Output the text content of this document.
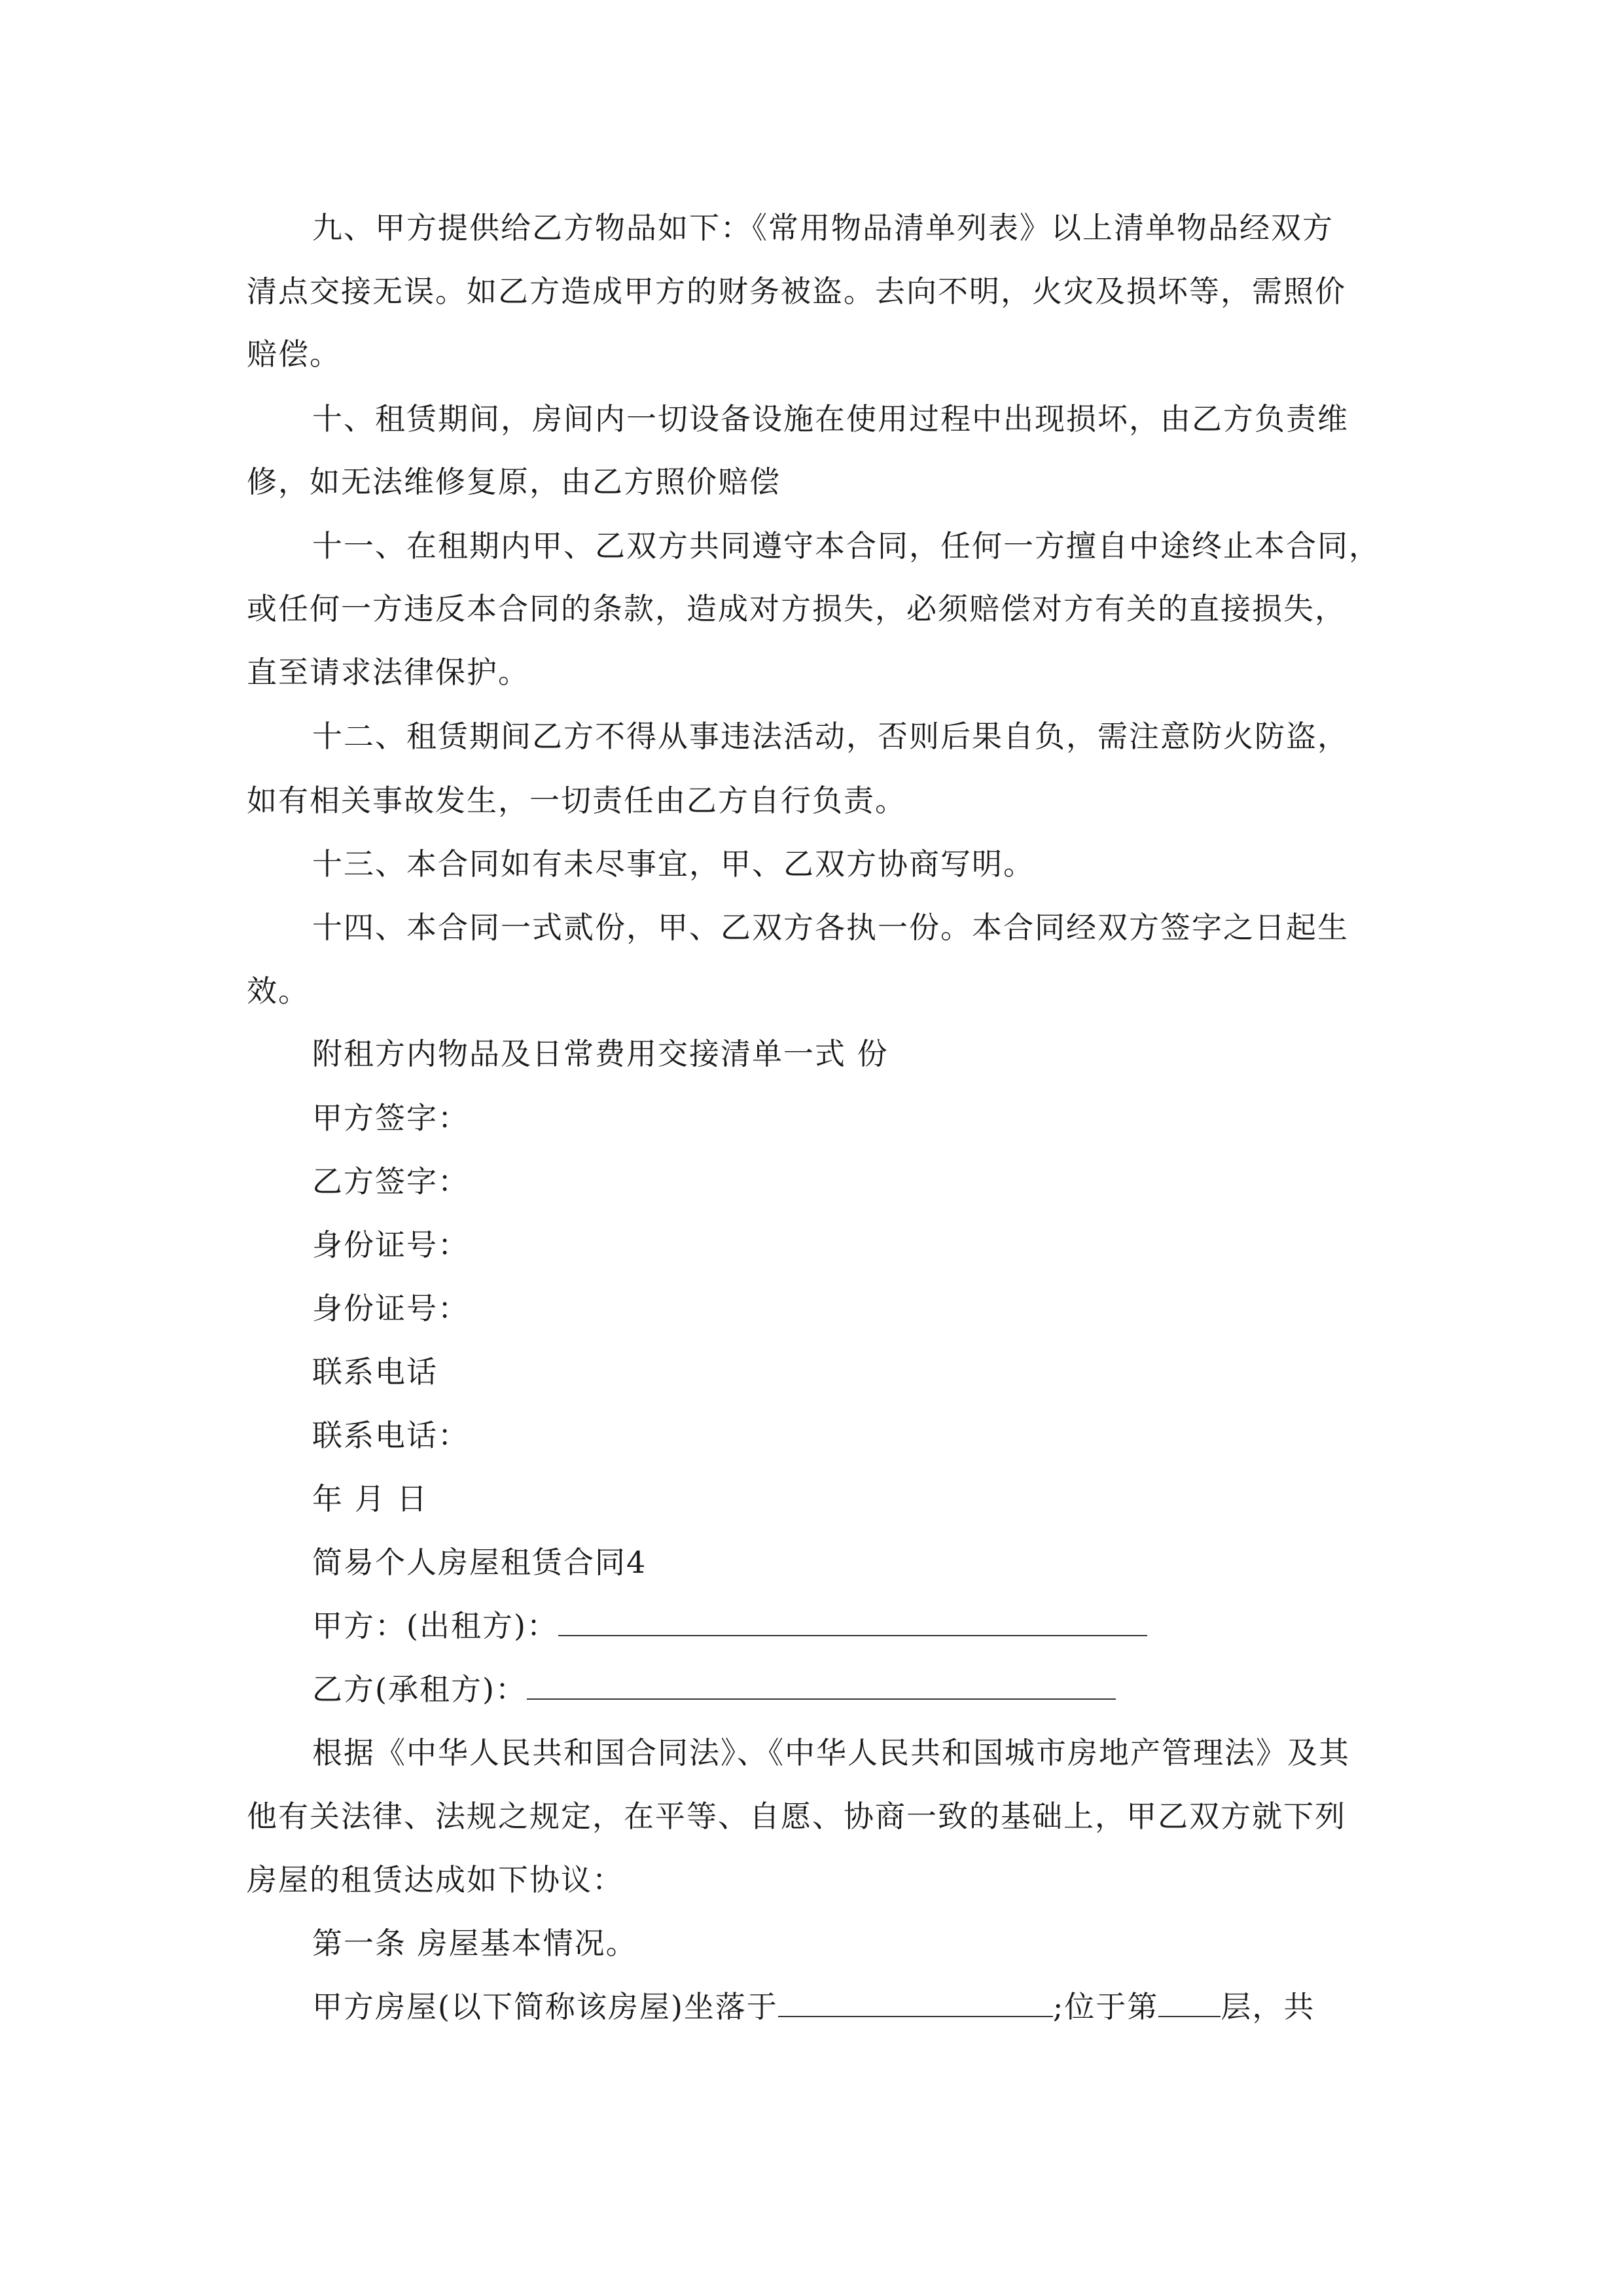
九、甲方提供给乙方物品如下：《常用物品清单列表》以上清单物品经双方
清点交接无误。如乙方造成甲方的财务被盗。去向不明，火灾及损坏等，需照价
赔偿。
十、租赁期间，房间内一切设备设施在使用过程中出现损坏，由乙方负责维
修，如无法维修复原，由乙方照价赔偿
十一、在租期内甲、乙双方共同遵守本合同，任何一方擅自中途终止本合同，
或任何一方违反本合同的条款，造成对方损失，必须赔偿对方有关的直接损失，
直至请求法律保护。
十二、租赁期间乙方不得从事违法活动，否则后果自负，需注意防火防盗，
如有相关事故发生，一切责任由乙方自行负责。
十三、本合同如有未尽事宜，甲、乙双方协商写明。
十四、本合同一式贰份，甲、乙双方各执一份。本合同经双方签字之日起生
效。
附租方内物品及日常费用交接清单一式 份
甲方签字：
乙方签字：
身份证号：
身份证号：
联系电话
联系电话：
年 月 日
简易个人房屋租赁合同4
甲方：(出租方)：
乙方(承租方)：
根据《中华人民共和国合同法》、《中华人民共和国城市房地产管理法》及其
他有关法律、法规之规定，在平等、自愿、协商一致的基础上，甲乙双方就下列
房屋的租赁达成如下协议：
第一条 房屋基本情况。
甲方房屋(以下简称该房屋)坐落于	;位于第 层，共
